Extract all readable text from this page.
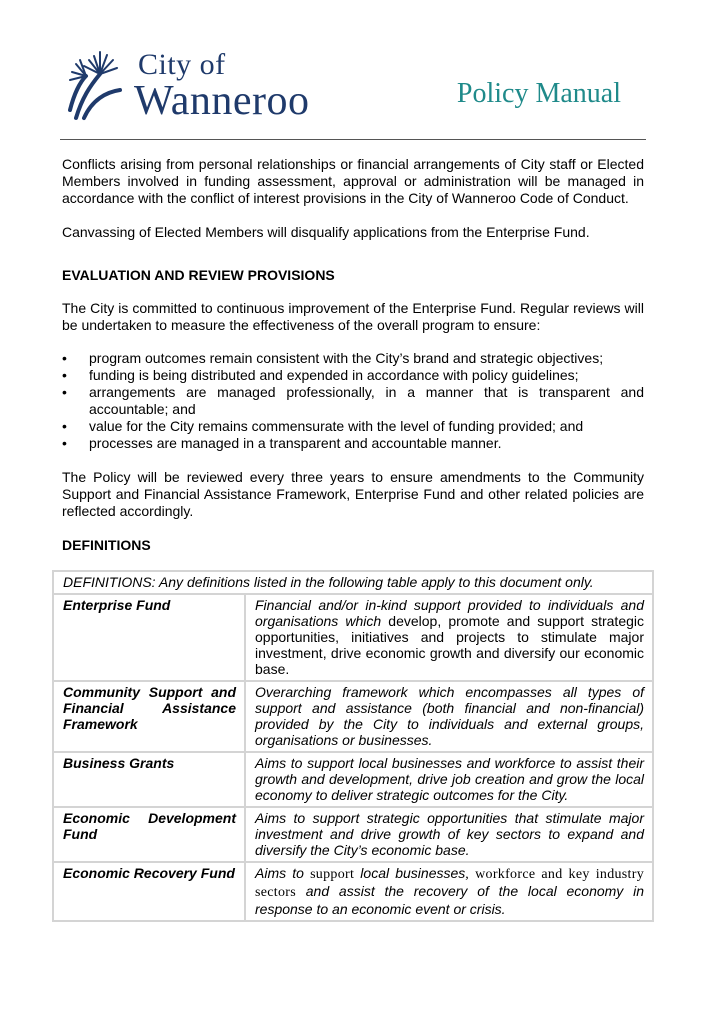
City of
Wanneroo	Policy Manual

Conflicts arising from personal relationships or financial arrangements of City staff or Elected Members involved in funding assessment, approval or administration will be managed in accordance with the conflict of interest provisions in the City of Wanneroo Code of Conduct.

Canvassing of Elected Members will disqualify applications from the Enterprise Fund.

EVALUATION AND REVIEW PROVISIONS

The City is committed to continuous improvement of the Enterprise Fund. Regular reviews will be undertaken to measure the effectiveness of the overall program to ensure:

• program outcomes remain consistent with the City’s brand and strategic objectives;
• funding is being distributed and expended in accordance with policy guidelines;
• arrangements are managed professionally, in a manner that is transparent and accountable; and
• value for the City remains commensurate with the level of funding provided; and
• processes are managed in a transparent and accountable manner.

The Policy will be reviewed every three years to ensure amendments to the Community Support and Financial Assistance Framework, Enterprise Fund and other related policies are reflected accordingly.

DEFINITIONS
DEFINITIONS: Any definitions listed in the following table apply to this document only.	
Enterprise Fund	Financial and/or in-kind support provided to individuals and organisations which develop, promote and support strategic opportunities, initiatives and projects to stimulate major investment, drive economic growth and diversify our economic base.
Community Support and Financial Assistance Framework	Overarching framework which encompasses all types of support and assistance (both financial and non-financial) provided by the City to individuals and external groups, organisations or businesses.
Business Grants	Aims to support local businesses and workforce to assist their growth and development, drive job creation and grow the local economy to deliver strategic outcomes for the City.
Economic Development Fund	Aims to support strategic opportunities that stimulate major investment and drive growth of key sectors to expand and diversify the City’s economic base.
Economic Recovery Fund	Aims to support local businesses, workforce and key industry sectors and assist the recovery of the local economy in response to an economic event or crisis.
